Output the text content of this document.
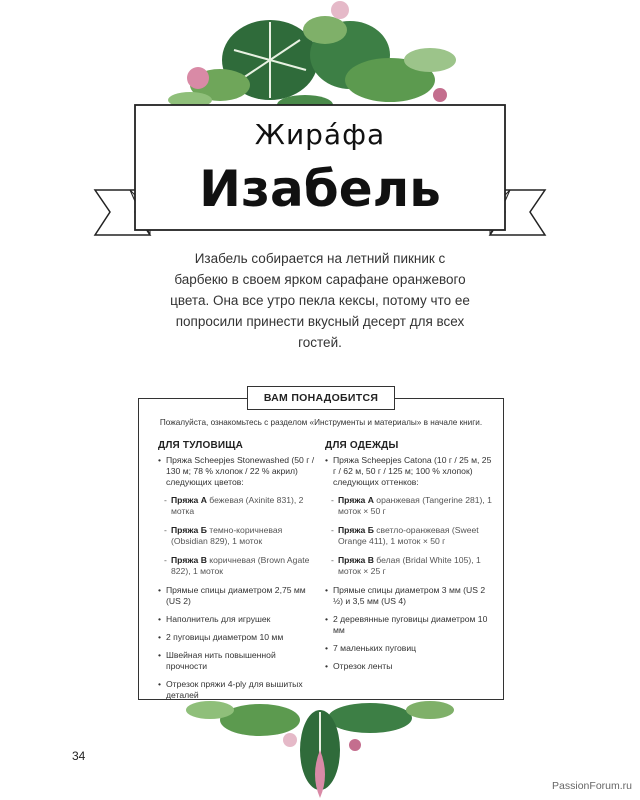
Жира́фа
Изабель
Изабель собирается на летний пикник с барбекю в своем ярком сарафане оранжевого цвета. Она все утро пекла кексы, потому что ее попросили принести вкусный десерт для всех гостей.
ВАМ ПОНАДОБИТСЯ
Пожалуйста, ознакомьтесь с разделом «Инструменты и материалы» в начале книги.
ДЛЯ ТУЛОВИЩА
• Пряжа Scheepjes Stonewashed (50 г / 130 м; 78 % хлопок / 22 % акрил) следующих цветов:
- Пряжа А бежевая (Axinite 831), 2 мотка
- Пряжа Б темно-коричневая (Obsidian 829), 1 моток
- Пряжа В коричневая (Brown Agate 822), 1 моток
• Прямые спицы диаметром 2,75 мм (US 2)
• Наполнитель для игрушек
• 2 пуговицы диаметром 10 мм
• Швейная нить повышенной прочности
• Отрезок пряжи 4-ply для вышитых деталей
ДЛЯ ОДЕЖДЫ
• Пряжа Scheepjes Catona (10 г / 25 м, 25 г / 62 м, 50 г / 125 м; 100 % хлопок) следующих оттенков:
- Пряжа А оранжевая (Tangerine 281), 1 моток × 50 г
- Пряжа Б светло-оранжевая (Sweet Orange 411), 1 моток × 50 г
- Пряжа В белая (Bridal White 105), 1 моток × 25 г
• Прямые спицы диаметром 3 мм (US 2 ½) и 3,5 мм (US 4)
• 2 деревянные пуговицы диаметром 10 мм
• 7 маленьких пуговиц
• Отрезок ленты
34
PassionForum.ru
